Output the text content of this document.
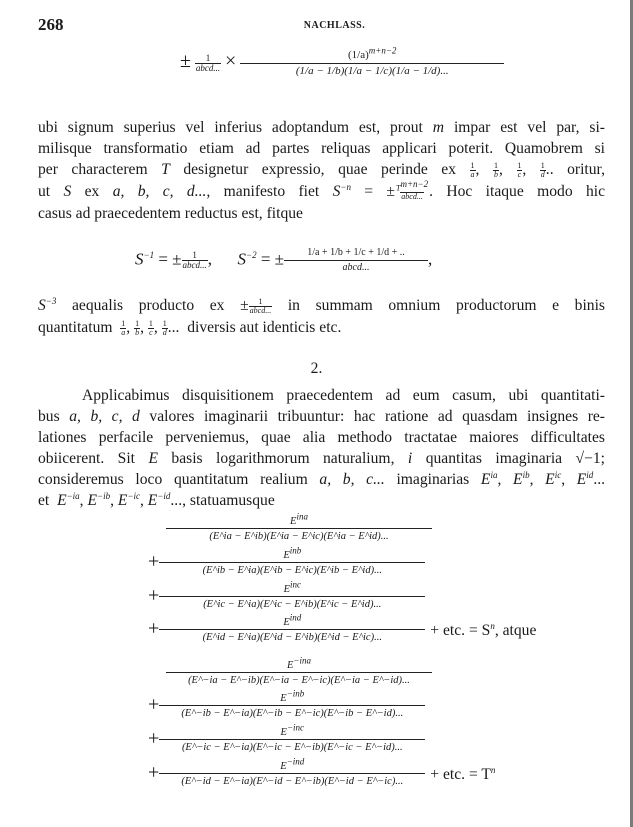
268	NACHLASS.
± $\frac{1}{\text{abcd...}} \times \frac{(1/a)^{m+n-2}}{(1/a - 1/b)(1/a - 1/c)(1/a - 1/d)...}$
ubi signum superius vel inferius adoptandum est, prout m impar est vel par, si-
milisque transformatio etiam ad partes reliquas applicari poterit. Quamobrem si
per characterem T designetur expressio, quae perinde ex $\frac{1}{a}$ , $\frac{1}{b}$ , $\frac{1}{c}$ , $\frac{1}{d}$ .. oritur,
ut S ex a, b, c, d..., manifesto fiet $S^{-n}$ = ± $\frac{T^{m+n-2}}{\text{abcd...}}$ . Hoc itaque modo hic
casus ad praecedentem reductus est, fitque
$S^{-1}$ = ± $\frac{1}{\text{abcd...}}$ ,      $S^{-2}$ = ± 1/a + 1/b + 1/c + 1/d + ..
abcd...	,
$S^{-3}$ aequalis producto ex ± $\frac{1}{\text{abcd...}}$ in summam omnium productorum e binis
quantitatum $\frac{1}{a}$ , $\frac{1}{b}$ , $\frac{1}{c}$ , $\frac{1}{d}$ ...  diversis aut identicis etc.
2.
Applicabimus disquisitionem praecedentem ad eum casum, ubi quantitati-
bus a, b, c, d valores imaginarii tribuuntur: hac ratione ad quasdam insignes re-
lationes perfacile perveniemus, quae alia methodo tractatae maiores difficultates
obiicerent. Sit E basis logarithmorum naturalium, i quantitas imaginaria √−1;
consideremus loco quantitatum realium a, b, c... imaginarias $E^{ia}$, $E^{ib}$, $E^{ic}$, $E^{id}$...
et $E^{-ia}$, $E^{-ib}$, $E^{-ic}$, $E^{-id}$..., statuamusque
$E^{ina}$
(E^ia − E^ib)(E^ia − E^ic)(E^ia − E^id)...
+	$E^{inb}$
(E^ib − E^ia)(E^ib − E^ic)(E^ib − E^id)...
+	$E^{inc}$
(E^ic − E^ia)(E^ic − E^ib)(E^ic − E^id)...
+	$E^{ind}$
(E^id − E^ia)(E^id − E^ib)(E^id − E^ic)...	+ etc. = $S^n$, atque
$E^{-ina}$
(E^−ia − E^−ib)(E^−ia − E^−ic)(E^−ia − E^−id)...
+	$E^{-inb}$
(E^−ib − E^−ia)(E^−ib − E^−ic)(E^−ib − E^−id)...
+	$E^{-inc}$
(E^−ic − E^−ia)(E^−ic − E^−ib)(E^−ic − E^−id)...
+	$E^{-ind}$
(E^−id − E^−ia)(E^−id − E^−ib)(E^−id − E^−ic)...	+ etc. = $T^n$
